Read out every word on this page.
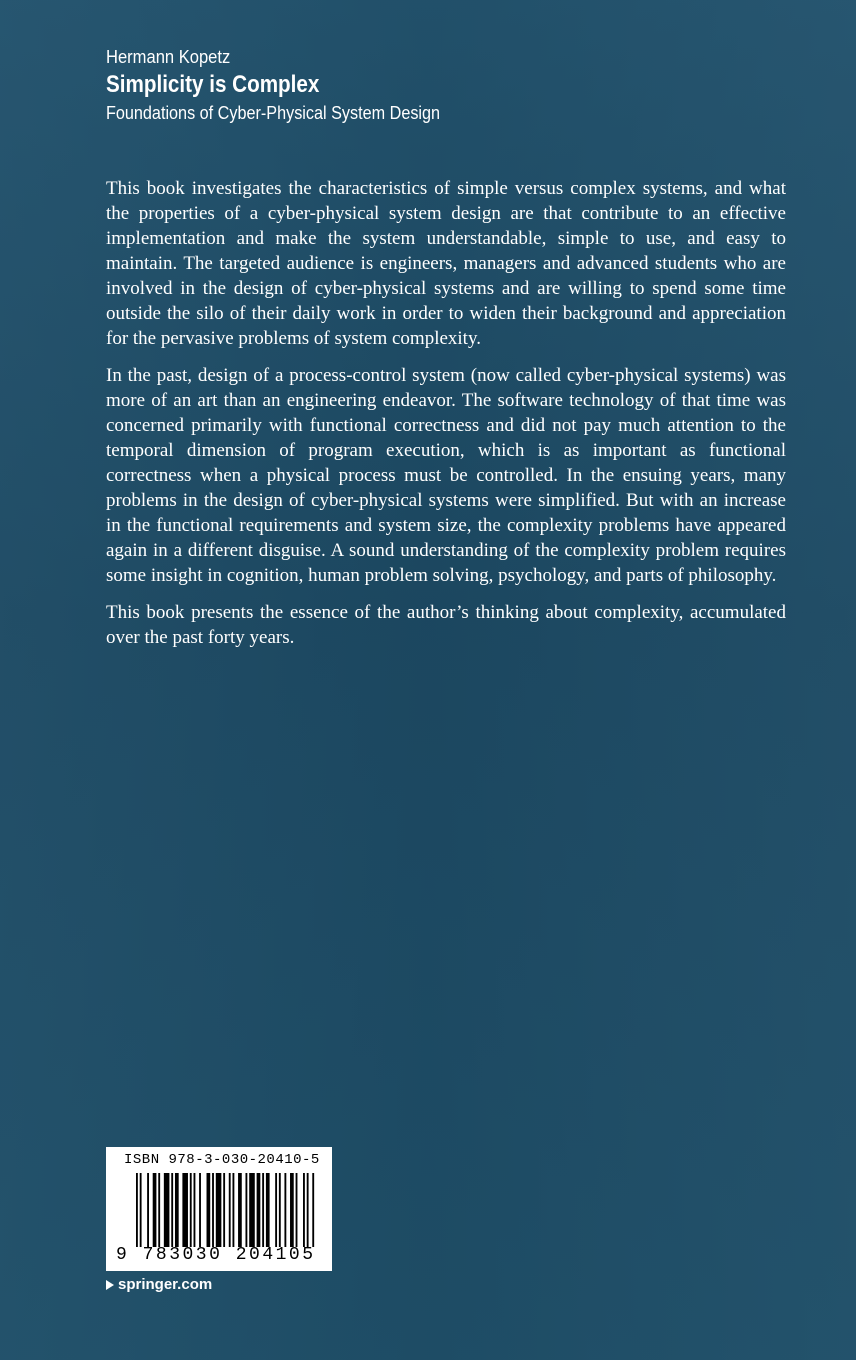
Hermann Kopetz
Simplicity is Complex
Foundations of Cyber-Physical System Design

This book investigates the characteristics of simple versus complex systems, and what the properties of a cyber-physical system design are that contribute to an effective implementation and make the system understandable, simple to use, and easy to maintain. The targeted audience is engineers, managers and advanced students who are involved in the design of cyber-physical systems and are willing to spend some time outside the silo of their daily work in order to widen their background and appreciation for the pervasive problems of system complexity.

In the past, design of a process-control system (now called cyber-physical systems) was more of an art than an engineering endeavor. The software technology of that time was concerned primarily with functional correctness and did not pay much attention to the temporal dimension of program execution, which is as important as functional correctness when a physical process must be controlled. In the ensuing years, many problems in the design of cyber-physical systems were simplified. But with an increase in the functional requirements and system size, the complexity problems have appeared again in a different disguise. A sound understanding of the complexity problem requires some insight in cognition, human problem solving, psychology, and parts of philosophy.

This book presents the essence of the author’s thinking about complexity, accumulated over the past forty years.

ISBN 978-3-030-20410-5
9 783030 204105
springer.com
